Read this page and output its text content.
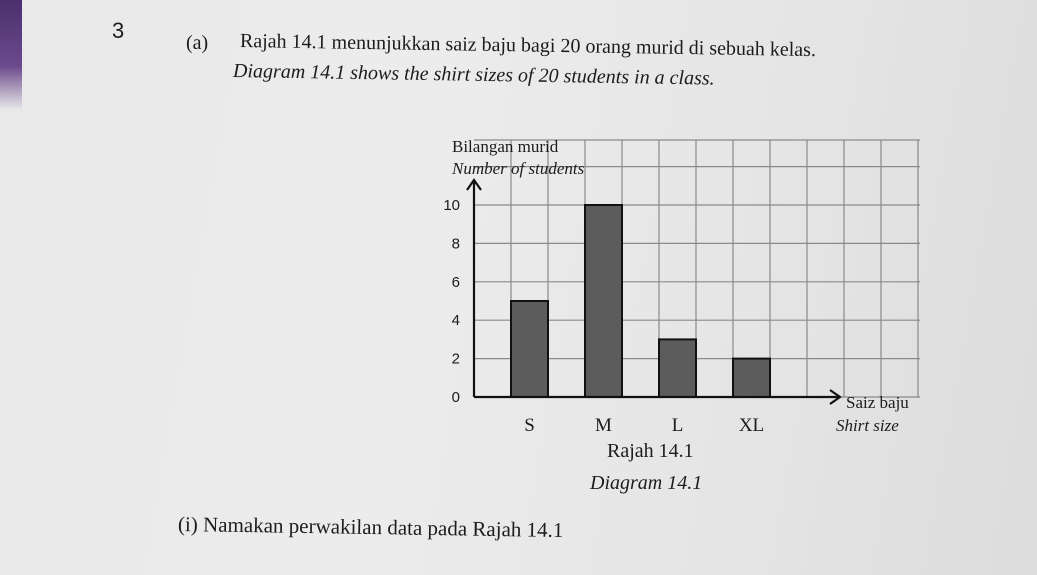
3	(a) Rajah 14.1 menunjukkan saiz baju bagi 20 orang murid di sebuah kelas.
Diagram 14.1 shows the shirt sizes of 20 students in a class.
0
2
4
6
8
10
S	M	L	XL
Bilangan murid
Number of students
Saiz baju
Shirt size
Rajah 14.1
Diagram 14.1
(i) Namakan perwakilan data pada Rajah 14.1
